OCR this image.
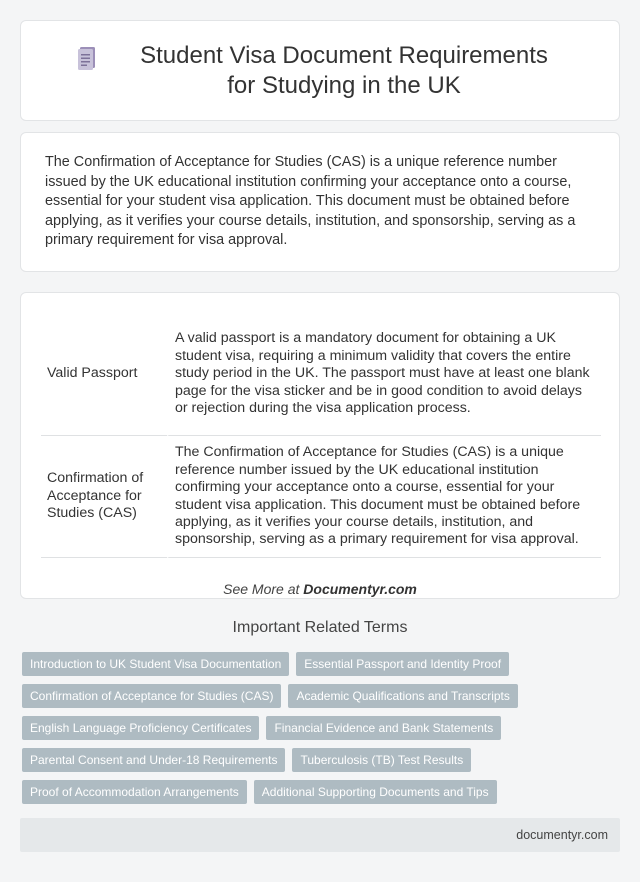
Student Visa Document Requirements for Studying in the UK

The Confirmation of Acceptance for Studies (CAS) is a unique reference number issued by the UK educational institution confirming your acceptance onto a course, essential for your student visa application. This document must be obtained before applying, as it verifies your course details, institution, and sponsorship, serving as a primary requirement for visa approval.

Valid Passport	A valid passport is a mandatory document for obtaining a UK student visa, requiring a minimum validity that covers the entire study period in the UK. The passport must have at least one blank page for the visa sticker and be in good condition to avoid delays or rejection during the visa application process.
Confirmation of Acceptance for Studies (CAS)	The Confirmation of Acceptance for Studies (CAS) is a unique reference number issued by the UK educational institution confirming your acceptance onto a course, essential for your student visa application. This document must be obtained before applying, as it verifies your course details, institution, and sponsorship, serving as a primary requirement for visa approval.
See More at Documentyr.com
Important Related Terms
Introduction to UK Student Visa Documentation	Essential Passport and Identity Proof
Confirmation of Acceptance for Studies (CAS)	Academic Qualifications and Transcripts
English Language Proficiency Certificates	Financial Evidence and Bank Statements
Parental Consent and Under-18 Requirements	Tuberculosis (TB) Test Results
Proof of Accommodation Arrangements	Additional Supporting Documents and Tips
documentyr.com
